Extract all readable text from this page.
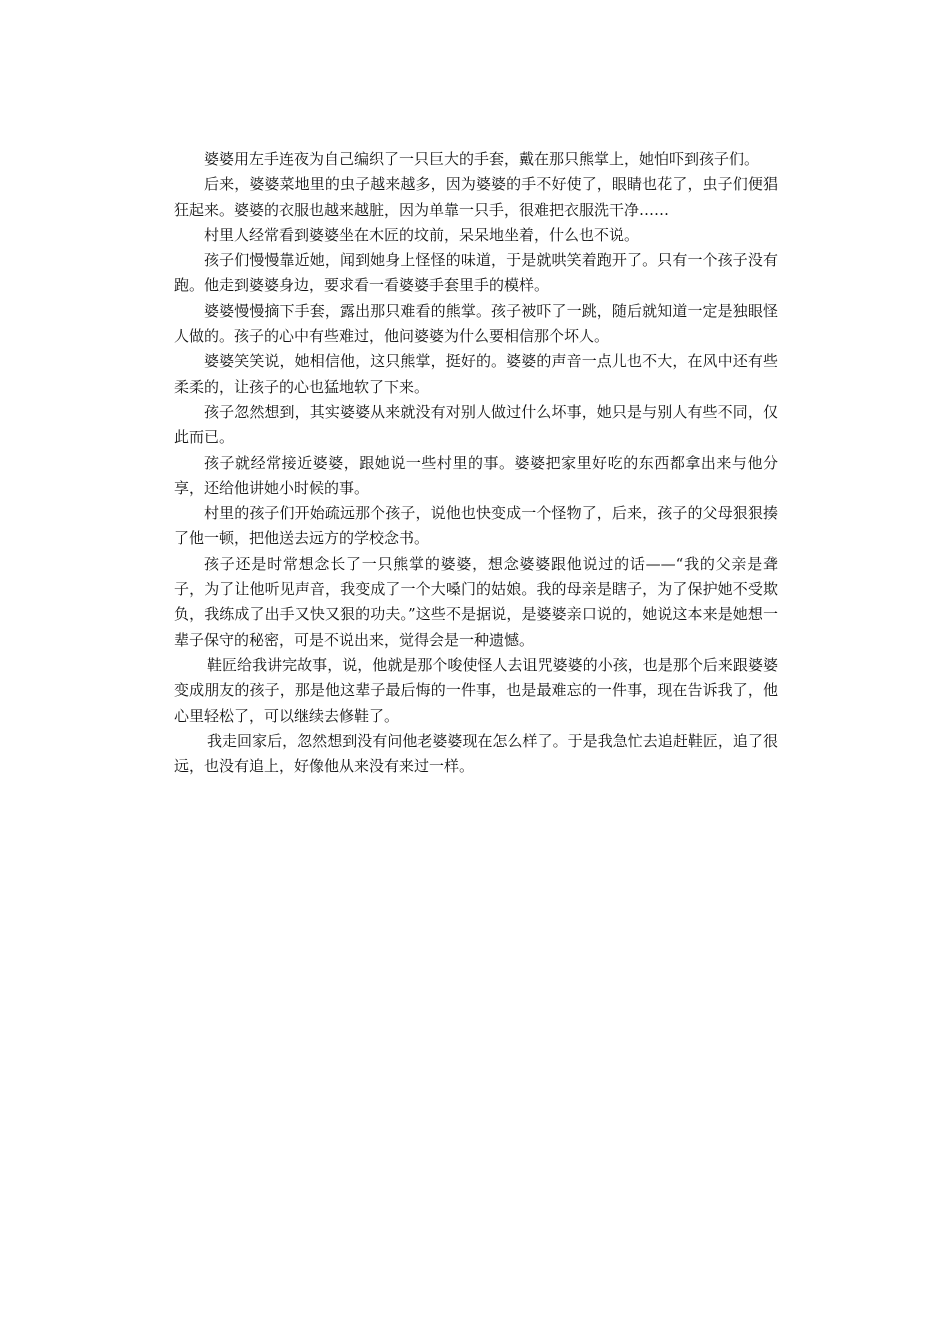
婆婆用左手连夜为自己编织了一只巨大的手套，戴在那只熊掌上，她怕吓到孩子们。

后来，婆婆菜地里的虫子越来越多，因为婆婆的手不好使了，眼睛也花了，虫子们便猖狂起来。婆婆的衣服也越来越脏，因为单靠一只手，很难把衣服洗干净……

村里人经常看到婆婆坐在木匠的坟前，呆呆地坐着，什么也不说。

孩子们慢慢靠近她，闻到她身上怪怪的味道，于是就哄笑着跑开了。只有一个孩子没有跑。他走到婆婆身边，要求看一看婆婆手套里手的模样。

婆婆慢慢摘下手套，露出那只难看的熊掌。孩子被吓了一跳，随后就知道一定是独眼怪人做的。孩子的心中有些难过，他问婆婆为什么要相信那个坏人。

婆婆笑笑说，她相信他，这只熊掌，挺好的。婆婆的声音一点儿也不大，在风中还有些柔柔的，让孩子的心也猛地软了下来。

孩子忽然想到，其实婆婆从来就没有对别人做过什么坏事，她只是与别人有些不同，仅此而已。

孩子就经常接近婆婆，跟她说一些村里的事。婆婆把家里好吃的东西都拿出来与他分享，还给他讲她小时候的事。

村里的孩子们开始疏远那个孩子，说他也快变成一个怪物了，后来，孩子的父母狠狠揍了他一顿，把他送去远方的学校念书。

孩子还是时常想念长了一只熊掌的婆婆，想念婆婆跟他说过的话——“我的父亲是聋子，为了让他听见声音，我变成了一个大嗓门的姑娘。我的母亲是瞎子，为了保护她不受欺负，我练成了出手又快又狠的功夫。”这些不是据说，是婆婆亲口说的，她说这本来是她想一辈子保守的秘密，可是不说出来，觉得会是一种遗憾。

鞋匠给我讲完故事，说，他就是那个唆使怪人去诅咒婆婆的小孩，也是那个后来跟婆婆变成朋友的孩子，那是他这辈子最后悔的一件事，也是最难忘的一件事，现在告诉我了，他心里轻松了，可以继续去修鞋了。

我走回家后，忽然想到没有问他老婆婆现在怎么样了。于是我急忙去追赶鞋匠，追了很远，也没有追上，好像他从来没有来过一样。
